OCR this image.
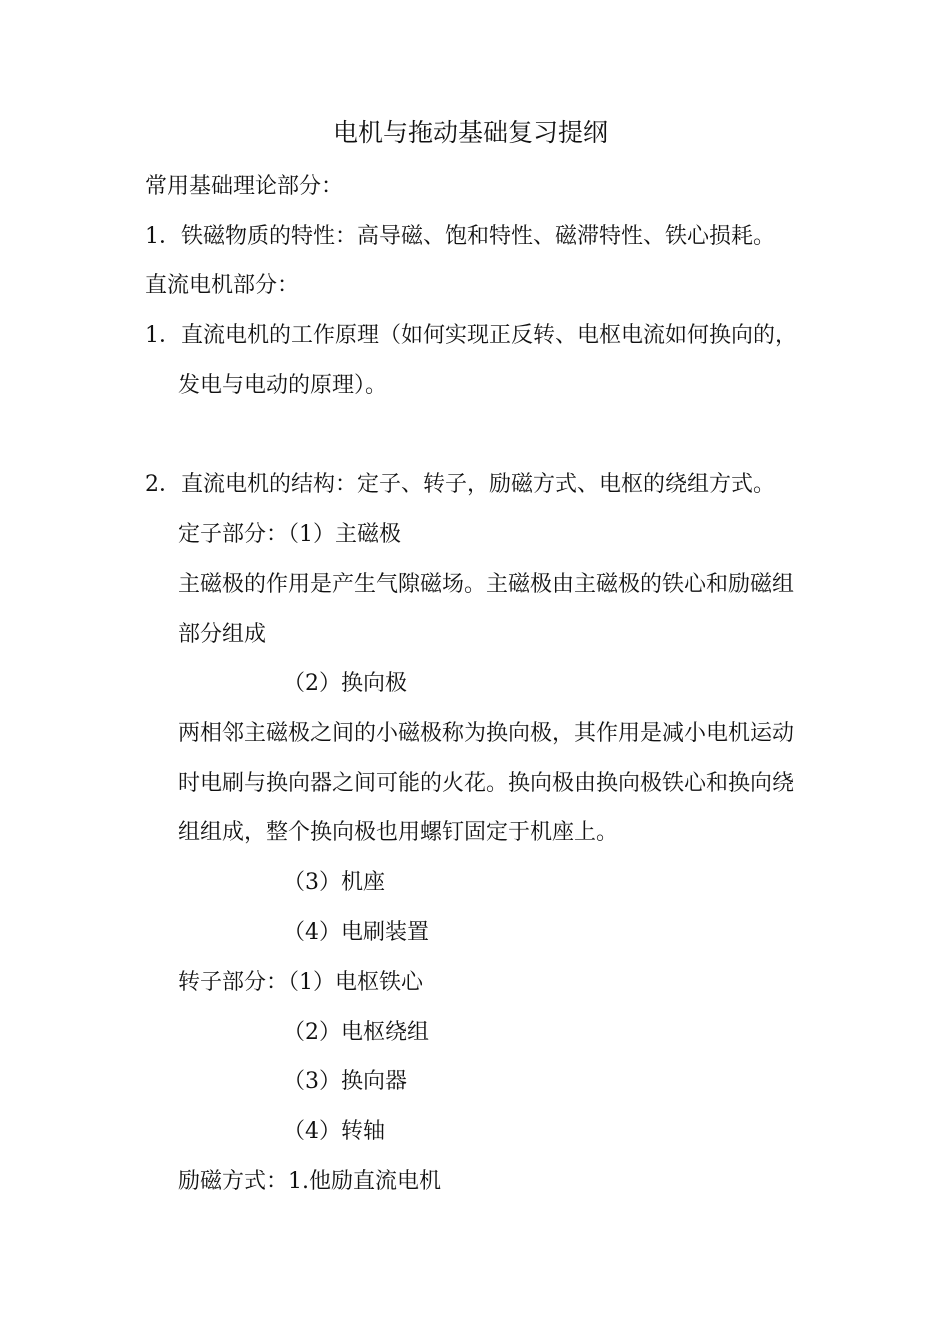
电机与拖动基础复习提纲
常用基础理论部分：
1．铁磁物质的特性：高导磁、饱和特性、磁滞特性、铁心损耗。
直流电机部分：
1．直流电机的工作原理（如何实现正反转、电枢电流如何换向的，
发电与电动的原理）。
2．直流电机的结构：定子、转子，励磁方式、电枢的绕组方式。
定子部分：（1）主磁极
主磁极的作用是产生气隙磁场。主磁极由主磁极的铁心和励磁组
部分组成
（2）换向极
两相邻主磁极之间的小磁极称为换向极，其作用是减小电机运动
时电刷与换向器之间可能的火花。换向极由换向极铁心和换向绕
组组成，整个换向极也用螺钉固定于机座上。
（3）机座
（4）电刷装置
转子部分：（1）电枢铁心
（2）电枢绕组
（3）换向器
（4）转轴
励磁方式：1.他励直流电机
